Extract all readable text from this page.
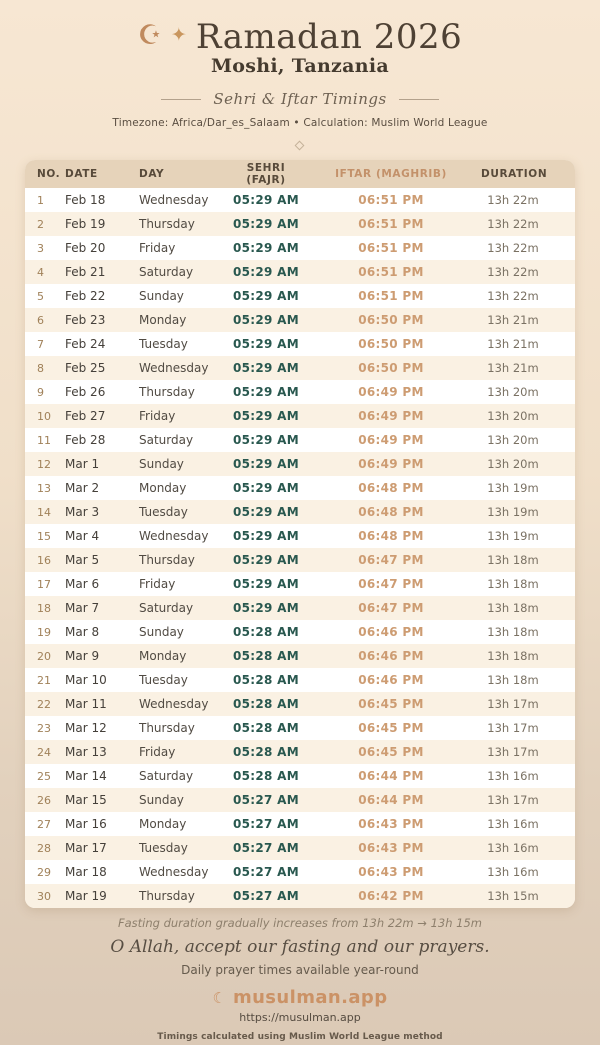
☪ ✦ Ramadan 2026
Moshi, Tanzania
Sehri & Iftar Timings
Timezone: Africa/Dar_es_Salaam • Calculation: Muslim World League
NO. DATE	DAY	SEHRI (FAJR)	IFTAR (MAGHRIB)	DURATION
1	Feb 18	Wednesday	05:29 AM	06:51 PM	13h 22m
2	Feb 19	Thursday	05:29 AM	06:51 PM	13h 22m
3	Feb 20	Friday	05:29 AM	06:51 PM	13h 22m
4	Feb 21	Saturday	05:29 AM	06:51 PM	13h 22m
5	Feb 22	Sunday	05:29 AM	06:51 PM	13h 22m
6	Feb 23	Monday	05:29 AM	06:50 PM	13h 21m
7	Feb 24	Tuesday	05:29 AM	06:50 PM	13h 21m
8	Feb 25	Wednesday	05:29 AM	06:50 PM	13h 21m
9	Feb 26	Thursday	05:29 AM	06:49 PM	13h 20m
10	Feb 27	Friday	05:29 AM	06:49 PM	13h 20m
11	Feb 28	Saturday	05:29 AM	06:49 PM	13h 20m
12	Mar 1	Sunday	05:29 AM	06:49 PM	13h 20m
13	Mar 2	Monday	05:29 AM	06:48 PM	13h 19m
14	Mar 3	Tuesday	05:29 AM	06:48 PM	13h 19m
15	Mar 4	Wednesday	05:29 AM	06:48 PM	13h 19m
16	Mar 5	Thursday	05:29 AM	06:47 PM	13h 18m
17	Mar 6	Friday	05:29 AM	06:47 PM	13h 18m
18	Mar 7	Saturday	05:29 AM	06:47 PM	13h 18m
19	Mar 8	Sunday	05:28 AM	06:46 PM	13h 18m
20	Mar 9	Monday	05:28 AM	06:46 PM	13h 18m
21	Mar 10	Tuesday	05:28 AM	06:46 PM	13h 18m
22	Mar 11	Wednesday	05:28 AM	06:45 PM	13h 17m
23	Mar 12	Thursday	05:28 AM	06:45 PM	13h 17m
24	Mar 13	Friday	05:28 AM	06:45 PM	13h 17m
25	Mar 14	Saturday	05:28 AM	06:44 PM	13h 16m
26	Mar 15	Sunday	05:27 AM	06:44 PM	13h 17m
27	Mar 16	Monday	05:27 AM	06:43 PM	13h 16m
28	Mar 17	Tuesday	05:27 AM	06:43 PM	13h 16m
29	Mar 18	Wednesday	05:27 AM	06:43 PM	13h 16m
30	Mar 19	Thursday	05:27 AM	06:42 PM	13h 15m
Fasting duration gradually increases from 13h 22m → 13h 15m
O Allah, accept our fasting and our prayers.
Daily prayer times available year-round
☾ musulman.app
https://musulman.app
Timings calculated using Muslim World League method
